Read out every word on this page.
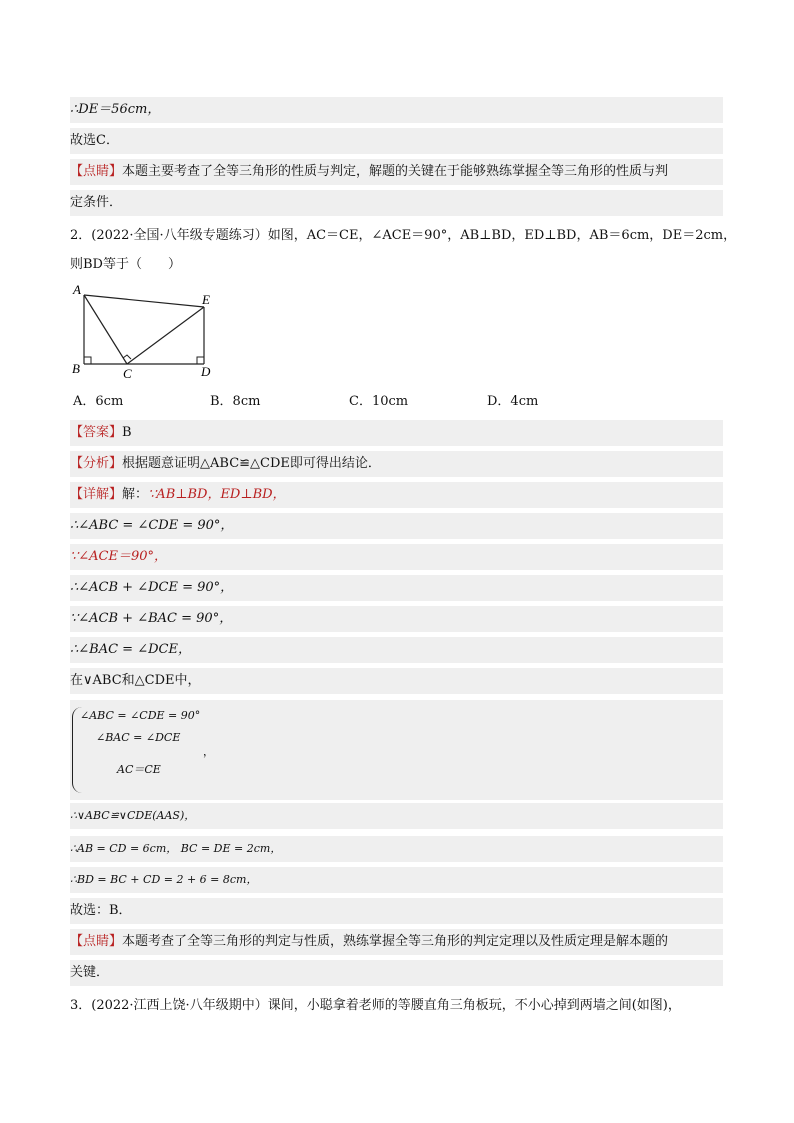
∴DE＝56cm，
故选C．
【点睛】本题主要考查了全等三角形的性质与判定，解题的关键在于能够熟练掌握全等三角形的性质与判
定条件．
2．(2022·全国·八年级专题练习）如图，AC＝CE，∠ACE＝90°，AB⊥BD，ED⊥BD，AB＝6cm，DE＝2cm，
则BD等于（　　）
A
B	C	D
E
A．6cm	B．8cm	C．10cm	D．4cm
【答案】B
【分析】根据题意证明△ABC≌△CDE即可得出结论．
【详解】解：∵AB⊥BD，ED⊥BD，
∴∠ABC = ∠CDE = 90°，
∵∠ACE＝90°，
∴∠ACB + ∠DCE = 90°，
∵∠ACB + ∠BAC = 90°，
∴∠BAC = ∠DCE，
在∨ABC和△CDE中，
∠ABC = ∠CDE = 90°
∠BAC = ∠DCE
，
AC＝CE
∴∨ABC≌∨CDE(AAS)，
∴AB = CD = 6cm， BC = DE = 2cm，
∴BD = BC + CD = 2 + 6 = 8cm，
故选：B．
【点睛】本题考查了全等三角形的判定与性质，熟练掌握全等三角形的判定定理以及性质定理是解本题的
关键．
3．(2022·江西上饶·八年级期中）课间，小聪拿着老师的等腰直角三角板玩，不小心掉到两墙之间(如图)，
